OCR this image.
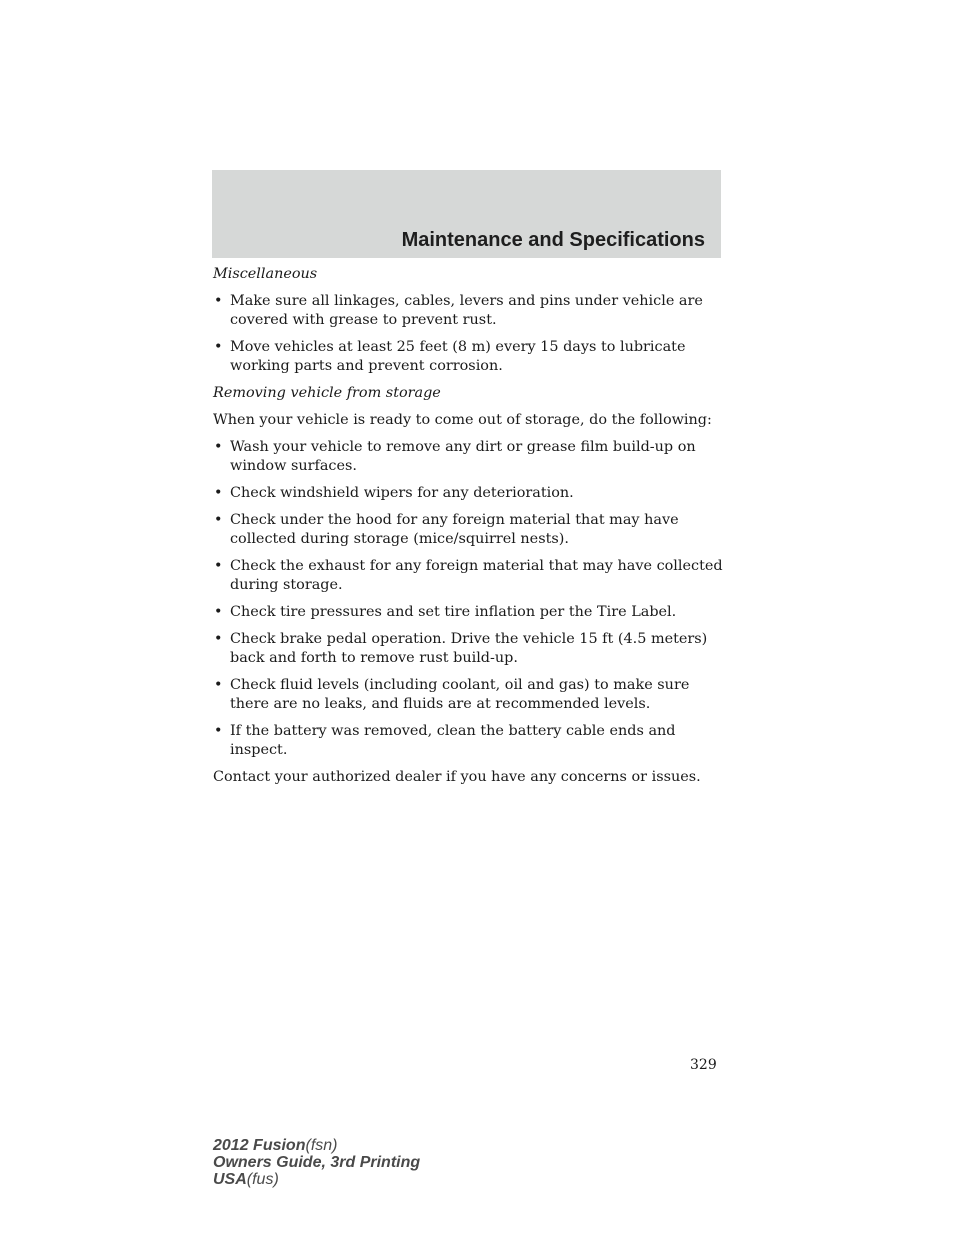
Maintenance and Specifications

Miscellaneous

• Make sure all linkages, cables, levers and pins under vehicle are covered with grease to prevent rust.
• Move vehicles at least 25 feet (8 m) every 15 days to lubricate working parts and prevent corrosion.

Removing vehicle from storage

When your vehicle is ready to come out of storage, do the following:

• Wash your vehicle to remove any dirt or grease film build-up on window surfaces.
• Check windshield wipers for any deterioration.
• Check under the hood for any foreign material that may have collected during storage (mice/squirrel nests).
• Check the exhaust for any foreign material that may have collected during storage.
• Check tire pressures and set tire inflation per the Tire Label.
• Check brake pedal operation. Drive the vehicle 15 ft (4.5 meters) back and forth to remove rust build-up.
• Check fluid levels (including coolant, oil and gas) to make sure there are no leaks, and fluids are at recommended levels.
• If the battery was removed, clean the battery cable ends and inspect.

Contact your authorized dealer if you have any concerns or issues.

329
2012 Fusion(fsn)
Owners Guide, 3rd Printing
USA(fus)
